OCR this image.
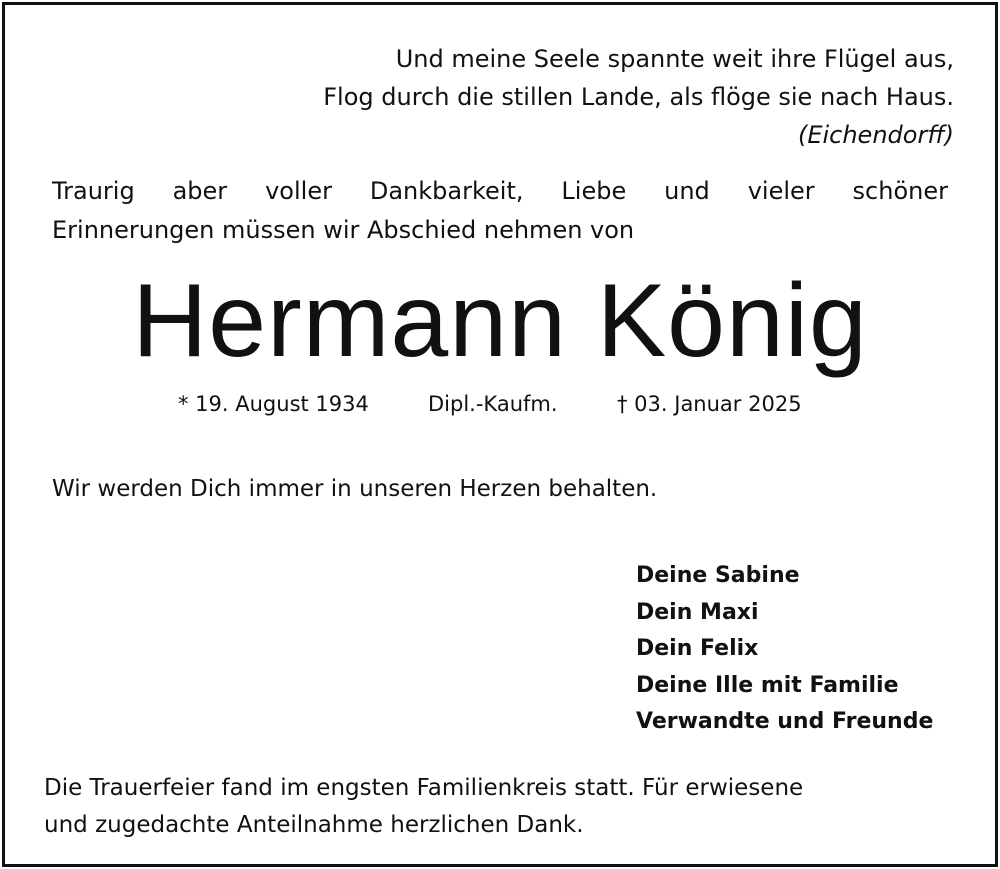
Und meine Seele spannte weit ihre Flügel aus,
Flog durch die stillen Lande, als flöge sie nach Haus.
(Eichendorff)
Traurig aber voller Dankbarkeit, Liebe und vieler schöner
Erinnerungen müssen wir Abschied nehmen von
Hermann König
* 19. August 1934	Dipl.-Kaufm.	† 03. Januar 2025
Wir werden Dich immer in unseren Herzen behalten.
Deine Sabine
Dein Maxi
Dein Felix
Deine Ille mit Familie
Verwandte und Freunde
Die Trauerfeier fand im engsten Familienkreis statt. Für erwiesene
und zugedachte Anteilnahme herzlichen Dank.
